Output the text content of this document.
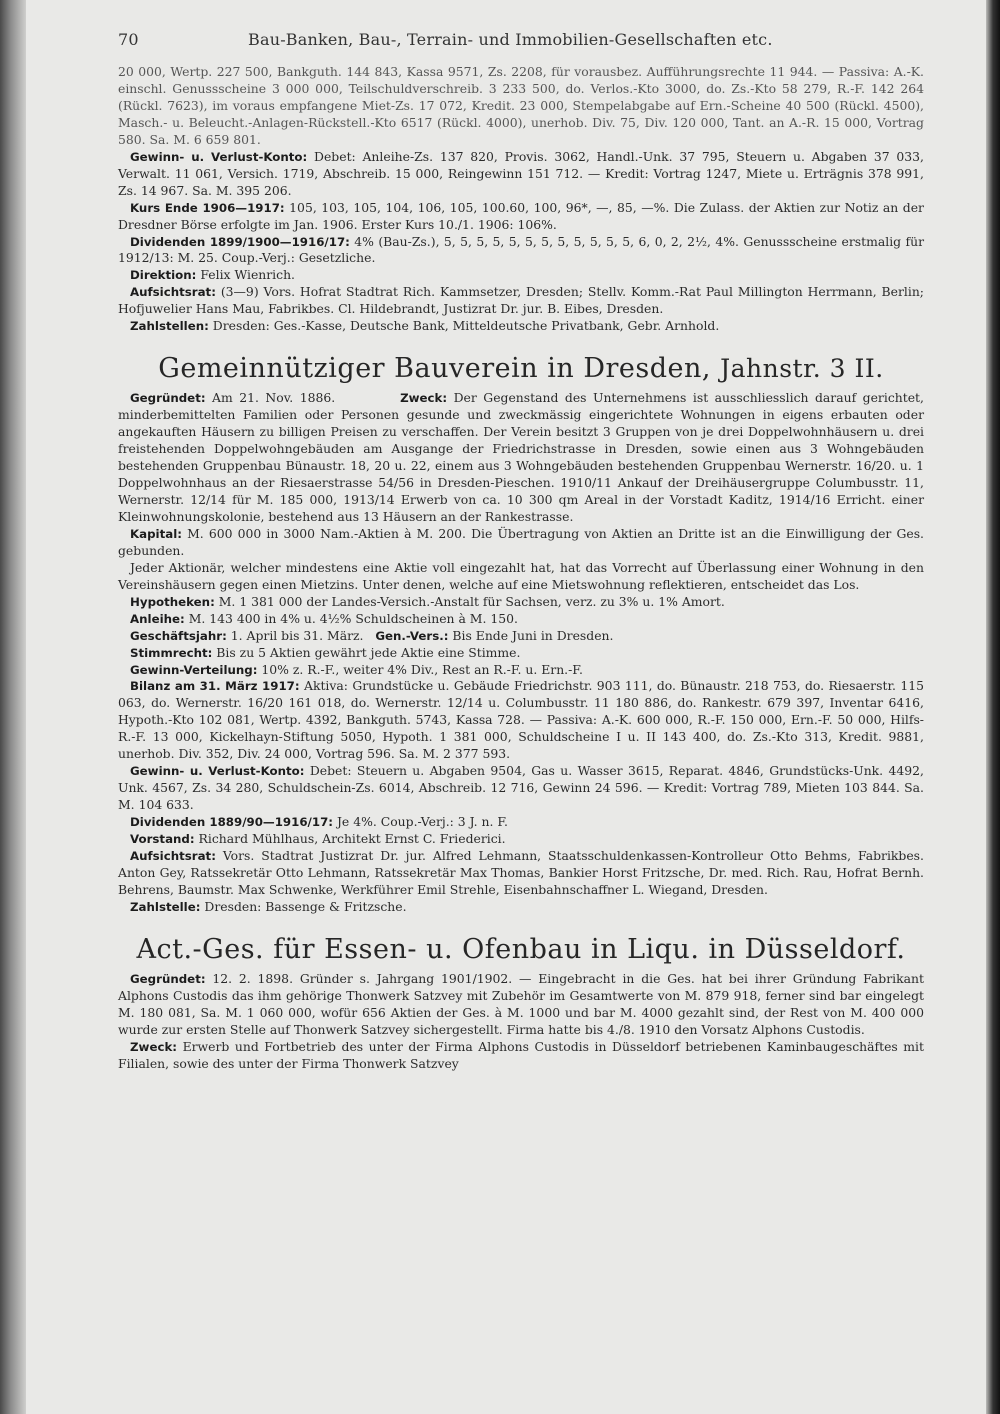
70	Bau-Banken, Bau-, Terrain- und Immobilien-Gesellschaften etc.

20 000, Wertp. 227 500, Bankguth. 144 843, Kassa 9571, Zs. 2208, für vorausbez. Aufführungsrechte 11 944. — Passiva: A.-K. einschl. Genussscheine 3 000 000, Teilschuldverschreib. 3 233 500, do. Verlos.-Kto 3000, do. Zs.-Kto 58 279, R.-F. 142 264 (Rückl. 7623), im voraus empfangene Miet-Zs. 17 072, Kredit. 23 000, Stempelabgabe auf Ern.-Scheine 40 500 (Rückl. 4500), Masch.- u. Beleucht.-Anlagen-Rückstell.-Kto 6517 (Rückl. 4000), unerhob. Div. 75, Div. 120 000, Tant. an A.-R. 15 000, Vortrag 580. Sa. M. 6 659 801.

Gewinn- u. Verlust-Konto: Debet: Anleihe-Zs. 137 820, Provis. 3062, Handl.-Unk. 37 795, Steuern u. Abgaben 37 033, Verwalt. 11 061, Versich. 1719, Abschreib. 15 000, Reingewinn 151 712. — Kredit: Vortrag 1247, Miete u. Erträgnis 378 991, Zs. 14 967. Sa. M. 395 206.

Kurs Ende 1906—1917: 105, 103, 105, 104, 106, 105, 100.60, 100, 96*, —, 85, —%. Die Zulass. der Aktien zur Notiz an der Dresdner Börse erfolgte im Jan. 1906. Erster Kurs 10./1. 1906: 106%.

Dividenden 1899/1900—1916/17: 4% (Bau-Zs.), 5, 5, 5, 5, 5, 5, 5, 5, 5, 5, 5, 5, 6, 0, 2, 2½, 4%. Genussscheine erstmalig für 1912/13: M. 25. Coup.-Verj.: Gesetzliche.

Direktion: Felix Wienrich.

Aufsichtsrat: (3—9) Vors. Hofrat Stadtrat Rich. Kammsetzer, Dresden; Stellv. Komm.-Rat Paul Millington Herrmann, Berlin; Hofjuwelier Hans Mau, Fabrikbes. Cl. Hildebrandt, Justizrat Dr. jur. B. Eibes, Dresden.

Zahlstellen: Dresden: Ges.-Kasse, Deutsche Bank, Mitteldeutsche Privatbank, Gebr. Arnhold.

Gemeinnütziger Bauverein in Dresden, Jahnstr. 3 II.

Gegründet: Am 21. Nov. 1886.	Zweck: Der Gegenstand des Unternehmens ist ausschliesslich darauf gerichtet, minderbemittelten Familien oder Personen gesunde und zweckmässig eingerichtete Wohnungen in eigens erbauten oder angekauften Häusern zu billigen Preisen zu verschaffen. Der Verein besitzt 3 Gruppen von je drei Doppelwohnhäusern u. drei freistehenden Doppelwohngebäuden am Ausgange der Friedrichstrasse in Dresden, sowie einen aus 3 Wohngebäuden bestehenden Gruppenbau Bünaustr. 18, 20 u. 22, einem aus 3 Wohngebäuden bestehenden Gruppenbau Wernerstr. 16/20. u. 1 Doppelwohnhaus an der Riesaerstrasse 54/56 in Dresden-Pieschen. 1910/11 Ankauf der Dreihäusergruppe Columbusstr. 11, Wernerstr. 12/14 für M. 185 000, 1913/14 Erwerb von ca. 10 300 qm Areal in der Vorstadt Kaditz, 1914/16 Erricht. einer Kleinwohnungskolonie, bestehend aus 13 Häusern an der Rankestrasse.

Kapital: M. 600 000 in 3000 Nam.-Aktien à M. 200. Die Übertragung von Aktien an Dritte ist an die Einwilligung der Ges. gebunden.

Jeder Aktionär, welcher mindestens eine Aktie voll eingezahlt hat, hat das Vorrecht auf Überlassung einer Wohnung in den Vereinshäusern gegen einen Mietzins. Unter denen, welche auf eine Mietswohnung reflektieren, entscheidet das Los.

Hypotheken: M. 1 381 000 der Landes-Versich.-Anstalt für Sachsen, verz. zu 3% u. 1% Amort.

Anleihe: M. 143 400 in 4% u. 4½% Schuldscheinen à M. 150.

Geschäftsjahr: 1. April bis 31. März. Gen.-Vers.: Bis Ende Juni in Dresden.

Stimmrecht: Bis zu 5 Aktien gewährt jede Aktie eine Stimme.

Gewinn-Verteilung: 10% z. R.-F., weiter 4% Div., Rest an R.-F. u. Ern.-F.

Bilanz am 31. März 1917: Aktiva: Grundstücke u. Gebäude Friedrichstr. 903 111, do. Bünaustr. 218 753, do. Riesaerstr. 115 063, do. Wernerstr. 16/20 161 018, do. Wernerstr. 12/14 u. Columbusstr. 11 180 886, do. Rankestr. 679 397, Inventar 6416, Hypoth.-Kto 102 081, Wertp. 4392, Bankguth. 5743, Kassa 728. — Passiva: A.-K. 600 000, R.-F. 150 000, Ern.-F. 50 000, Hilfs-R.-F. 13 000, Kickelhayn-Stiftung 5050, Hypoth. 1 381 000, Schuldscheine I u. II 143 400, do. Zs.-Kto 313, Kredit. 9881, unerhob. Div. 352, Div. 24 000, Vortrag 596. Sa. M. 2 377 593.

Gewinn- u. Verlust-Konto: Debet: Steuern u. Abgaben 9504, Gas u. Wasser 3615, Reparat. 4846, Grundstücks-Unk. 4492, Unk. 4567, Zs. 34 280, Schuldschein-Zs. 6014, Abschreib. 12 716, Gewinn 24 596. — Kredit: Vortrag 789, Mieten 103 844. Sa. M. 104 633.

Dividenden 1889/90—1916/17: Je 4%. Coup.-Verj.: 3 J. n. F.

Vorstand: Richard Mühlhaus, Architekt Ernst C. Friederici.

Aufsichtsrat: Vors. Stadtrat Justizrat Dr. jur. Alfred Lehmann, Staatsschuldenkassen-Kontrolleur Otto Behms, Fabrikbes. Anton Gey, Ratssekretär Otto Lehmann, Ratssekretär Max Thomas, Bankier Horst Fritzsche, Dr. med. Rich. Rau, Hofrat Bernh. Behrens, Baumstr. Max Schwenke, Werkführer Emil Strehle, Eisenbahnschaffner L. Wiegand, Dresden.

Zahlstelle: Dresden: Bassenge & Fritzsche.

Act.-Ges. für Essen- u. Ofenbau in Liqu. in Düsseldorf.

Gegründet: 12. 2. 1898. Gründer s. Jahrgang 1901/1902. — Eingebracht in die Ges. hat bei ihrer Gründung Fabrikant Alphons Custodis das ihm gehörige Thonwerk Satzvey mit Zubehör im Gesamtwerte von M. 879 918, ferner sind bar eingelegt M. 180 081, Sa. M. 1 060 000, wofür 656 Aktien der Ges. à M. 1000 und bar M. 4000 gezahlt sind, der Rest von M. 400 000 wurde zur ersten Stelle auf Thonwerk Satzvey sichergestellt. Firma hatte bis 4./8. 1910 den Vorsatz Alphons Custodis.

Zweck: Erwerb und Fortbetrieb des unter der Firma Alphons Custodis in Düsseldorf betriebenen Kaminbaugeschäftes mit Filialen, sowie des unter der Firma Thonwerk Satzvey
